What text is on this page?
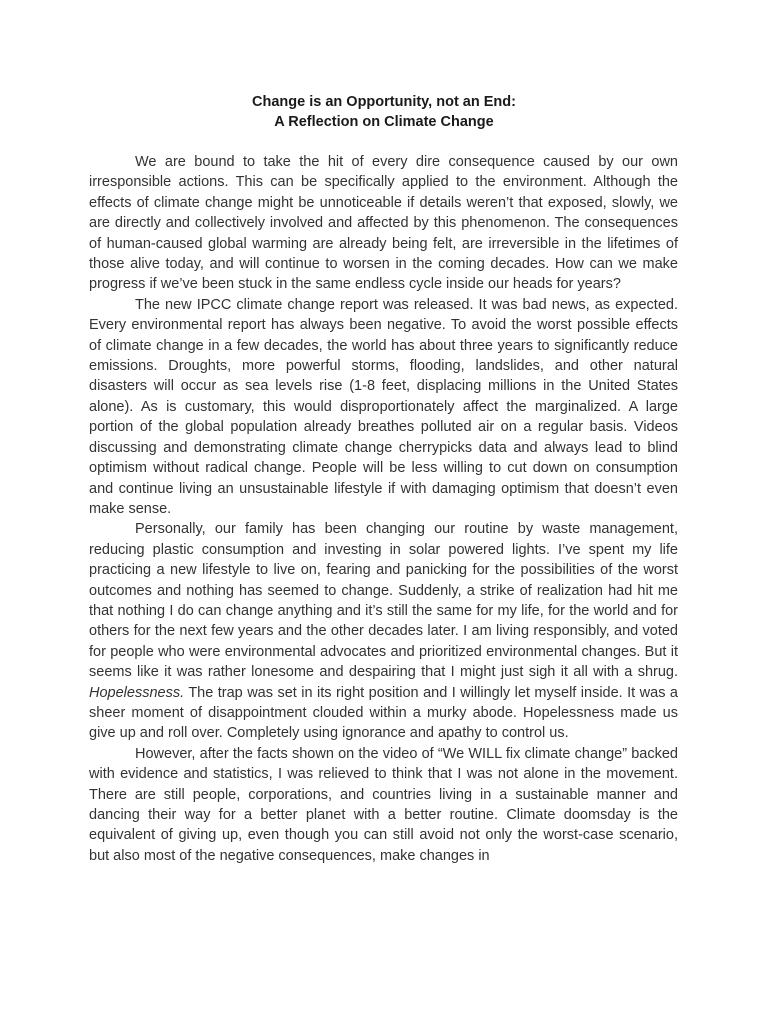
Change is an Opportunity, not an End:
A Reflection on Climate Change

We are bound to take the hit of every dire consequence caused by our own irresponsible actions. This can be specifically applied to the environment. Although the effects of climate change might be unnoticeable if details weren’t that exposed, slowly, we are directly and collectively involved and affected by this phenomenon. The consequences of human-caused global warming are already being felt, are irreversible in the lifetimes of those alive today, and will continue to worsen in the coming decades. How can we make progress if we’ve been stuck in the same endless cycle inside our heads for years?

The new IPCC climate change report was released. It was bad news, as expected. Every environmental report has always been negative. To avoid the worst possible effects of climate change in a few decades, the world has about three years to significantly reduce emissions. Droughts, more powerful storms, flooding, landslides, and other natural disasters will occur as sea levels rise (1-8 feet, displacing millions in the United States alone). As is customary, this would disproportionately affect the marginalized. A large portion of the global population already breathes polluted air on a regular basis. Videos discussing and demonstrating climate change cherrypicks data and always lead to blind optimism without radical change. People will be less willing to cut down on consumption and continue living an unsustainable lifestyle if with damaging optimism that doesn’t even make sense.

Personally, our family has been changing our routine by waste management, reducing plastic consumption and investing in solar powered lights. I’ve spent my life practicing a new lifestyle to live on, fearing and panicking for the possibilities of the worst outcomes and nothing has seemed to change. Suddenly, a strike of realization had hit me that nothing I do can change anything and it’s still the same for my life, for the world and for others for the next few years and the other decades later. I am living responsibly, and voted for people who were environmental advocates and prioritized environmental changes. But it seems like it was rather lonesome and despairing that I might just sigh it all with a shrug. Hopelessness. The trap was set in its right position and I willingly let myself inside. It was a sheer moment of disappointment clouded within a murky abode. Hopelessness made us give up and roll over. Completely using ignorance and apathy to control us.

However, after the facts shown on the video of “We WILL fix climate change” backed with evidence and statistics, I was relieved to think that I was not alone in the movement. There are still people, corporations, and countries living in a sustainable manner and dancing their way for a better planet with a better routine. Climate doomsday is the equivalent of giving up, even though you can still avoid not only the worst-case scenario, but also most of the negative consequences, make changes in
